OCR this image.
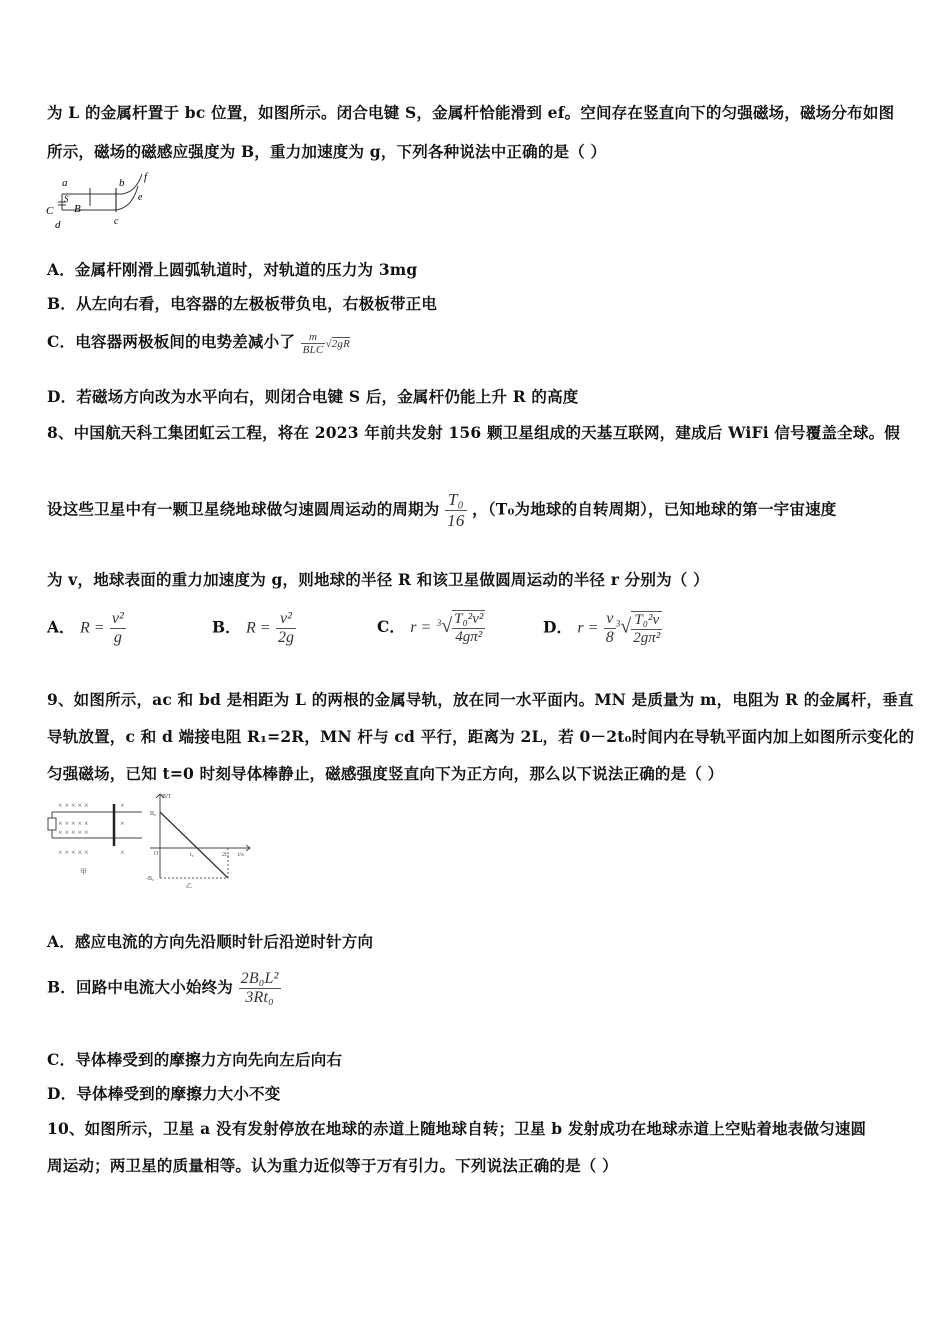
为 L 的金属杆置于 bc 位置，如图所示。闭合电键 S，金属杆恰能滑到 ef。空间存在竖直向下的匀强磁场，磁场分布如图
所示，磁场的磁感应强度为 B，重力加速度为 g，下列各种说法中正确的是（ ）
a	b f
e
c
d
C
S
B
A．金属杆刚滑上圆弧轨道时，对轨道的压力为 3mg
B．从左向右看，电容器的左极板带负电，右极板带正电
C．电容器两极板间的电势差减小了 $\frac{m}{\text{BLC}} √2gR$
D．若磁场方向改为水平向右，则闭合电键 S 后，金属杆仍能上升 R 的高度
8、中国航天科工集团虹云工程，将在 2023 年前共发射 156 颗卫星组成的天基互联网，建成后 WiFi 信号覆盖全球。假
设这些卫星中有一颗卫星绕地球做匀速圆周运动的周期为 $\frac{\text{T₀}}{16}$ ，（T₀为地球的自转周期），已知地球的第一宇宙速度
为 v，地球表面的重力加速度为 g，则地球的半径 R 和该卫星做圆周运动的半径 r 分别为（ ）
A． $R = \frac{\text{v²}}{g}$	B． $R = \frac{\text{v²}}{2g}$	C． $r = ^3√ \frac{\text{T₀²v²}}{\text{4gπ²}}$	D． $r = \frac{v}{8} ^3√ \frac{\text{T₀²v}}{\text{2gπ²}}$
9、如图所示，ac 和 bd 是相距为 L 的两根的金属导轨，放在同一水平面内。MN 是质量为 m，电阻为 R 的金属杆，垂直
导轨放置，c 和 d 端接电阻 R₁=2R，MN 杆与 cd 平行，距离为 2L，若 0－2t₀时间内在导轨平面内加上如图所示变化的
匀强磁场，已知 t=0 时刻导体棒静止，磁感强度竖直向下为正方向，那么以下说法正确的是（ ）
× × × × ×
× × × × ×
× × × × ×
× × × × ×
×
×
×
甲
B/T
B₀
t₀	2t₀ t/s
-B₀
O
乙
A．感应电流的方向先沿顺时针后沿逆时针方向
B．回路中电流大小始终为 $\frac{\text{2B₀L²}}{\text{3Rt₀}}$
C．导体棒受到的摩擦力方向先向左后向右
D．导体棒受到的摩擦力大小不变
10、如图所示，卫星 a 没有发射停放在地球的赤道上随地球自转；卫星 b 发射成功在地球赤道上空贴着地表做匀速圆
周运动；两卫星的质量相等。认为重力近似等于万有引力。下列说法正确的是（ ）
